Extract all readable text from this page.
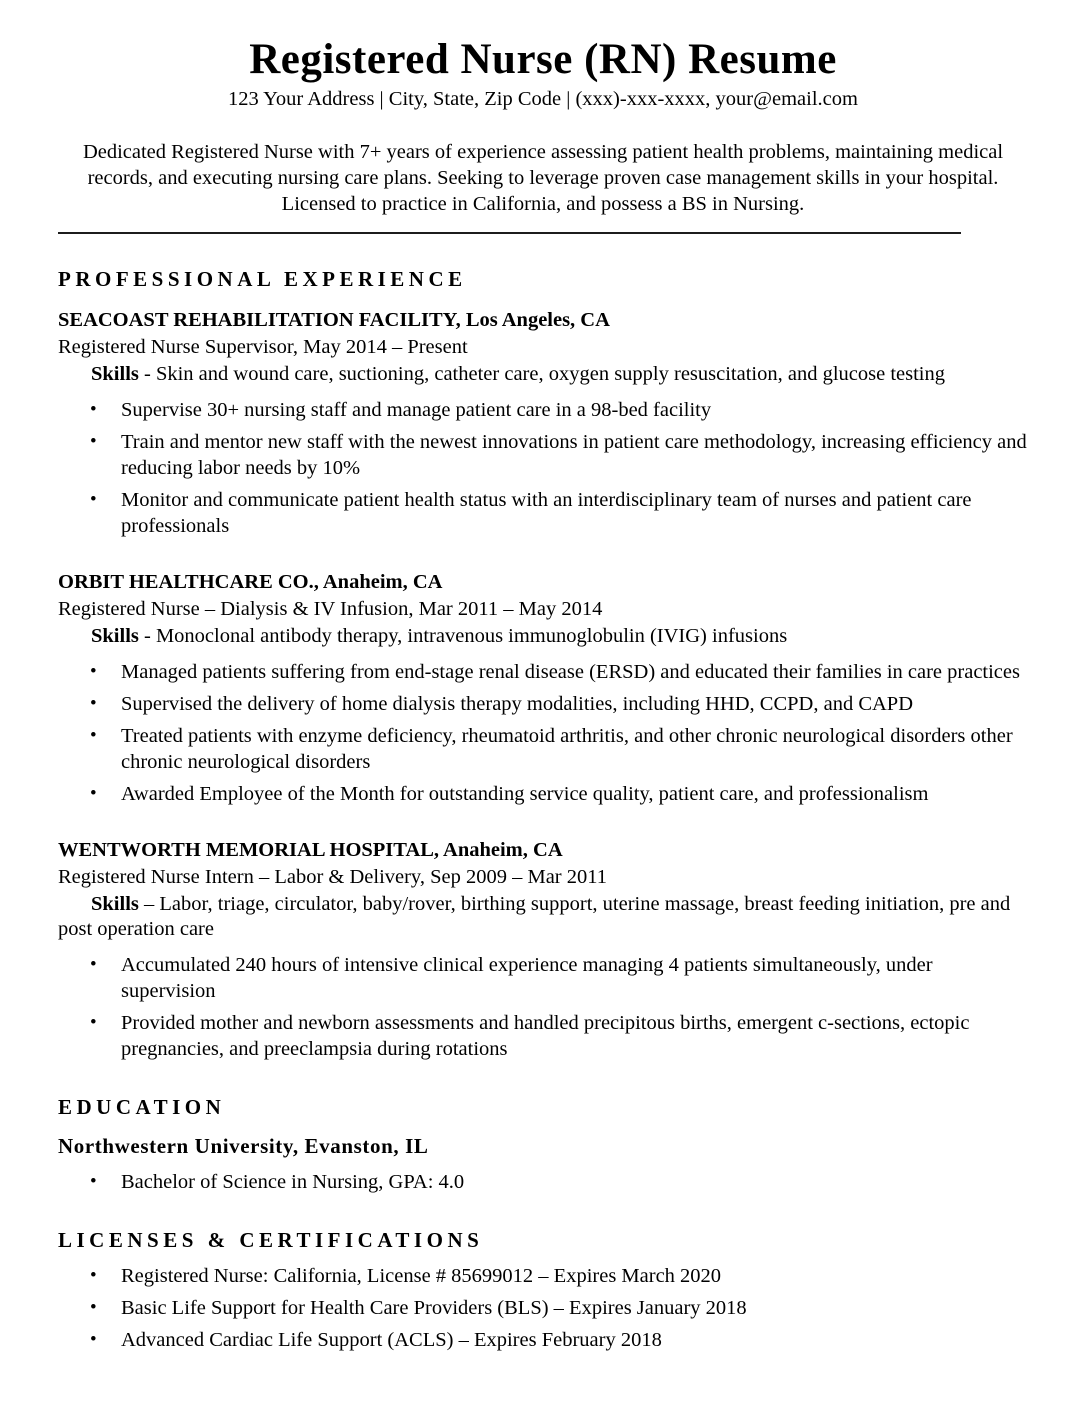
Registered Nurse (RN) Resume
123 Your Address | City, State, Zip Code | (xxx)-xxx-xxxx, your@email.com

Dedicated Registered Nurse with 7+ years of experience assessing patient health problems, maintaining medical records, and executing nursing care plans. Seeking to leverage proven case management skills in your hospital. Licensed to practice in California, and possess a BS in Nursing.

PROFESSIONAL EXPERIENCE
SEACOAST REHABILITATION FACILITY, Los Angeles, CA
Registered Nurse Supervisor, May 2014 – Present

Skills - Skin and wound care, suctioning, catheter care, oxygen supply resuscitation, and glucose testing

• Supervise 30+ nursing staff and manage patient care in a 98-bed facility
• Train and mentor new staff with the newest innovations in patient care methodology, increasing efficiency and reducing labor needs by 10%
• Monitor and communicate patient health status with an interdisciplinary team of nurses and patient care professionals
ORBIT HEALTHCARE CO., Anaheim, CA
Registered Nurse – Dialysis & IV Infusion, Mar 2011 – May 2014

Skills - Monoclonal antibody therapy, intravenous immunoglobulin (IVIG) infusions

• Managed patients suffering from end-stage renal disease (ERSD) and educated their families in care practices
• Supervised the delivery of home dialysis therapy modalities, including HHD, CCPD, and CAPD
• Treated patients with enzyme deficiency, rheumatoid arthritis, and other chronic neurological disorders other chronic neurological disorders
• Awarded Employee of the Month for outstanding service quality, patient care, and professionalism
WENTWORTH MEMORIAL HOSPITAL, Anaheim, CA
Registered Nurse Intern – Labor & Delivery, Sep 2009 – Mar 2011

Skills – Labor, triage, circulator, baby/rover, birthing support, uterine massage, breast feeding initiation, pre and post operation care

• Accumulated 240 hours of intensive clinical experience managing 4 patients simultaneously, under supervision
• Provided mother and newborn assessments and handled precipitous births, emergent c-sections, ectopic pregnancies, and preeclampsia during rotations
EDUCATION
Northwestern University, Evanston, IL
• Bachelor of Science in Nursing, GPA: 4.0
LICENSES & CERTIFICATIONS
• Registered Nurse: California, License # 85699012 – Expires March 2020
• Basic Life Support for Health Care Providers (BLS) – Expires January 2018
• Advanced Cardiac Life Support (ACLS) – Expires February 2018
